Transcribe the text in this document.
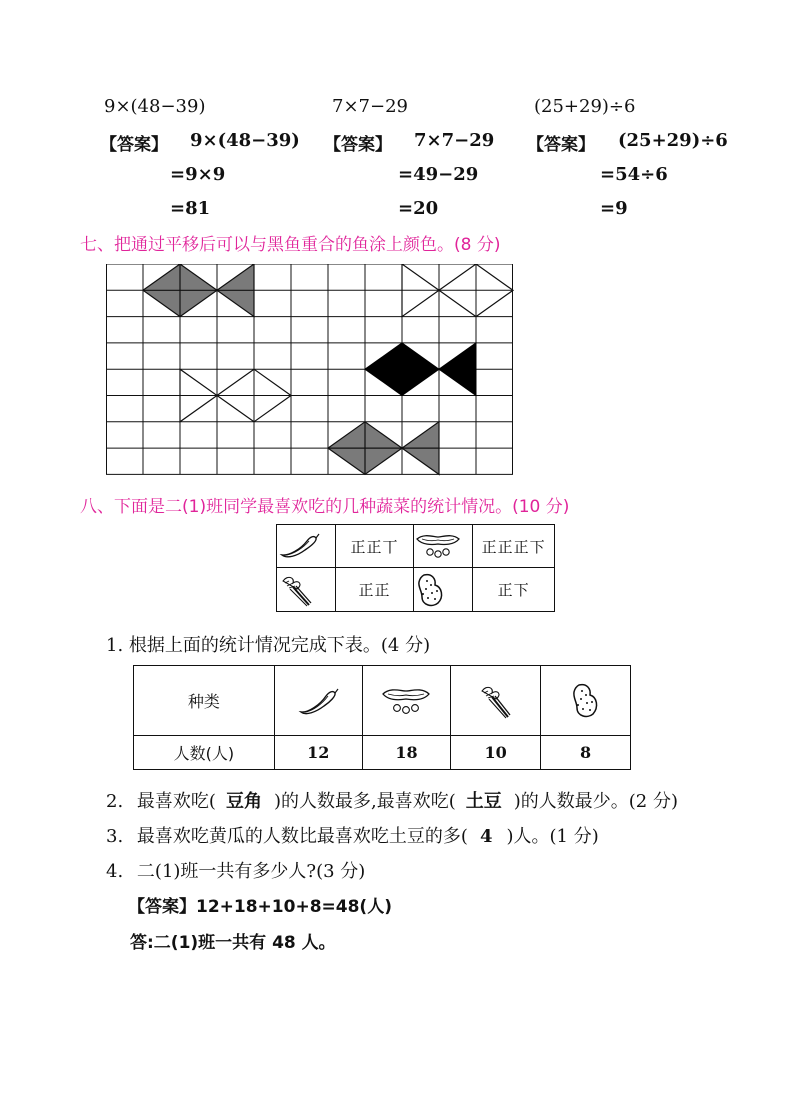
9×(48−39)	7×7−29	(25+29)÷6
【答案】 9×(48−39)
=9×9
=81
【答案】 7×7−29
=49−29
=20
【答案】 (25+29)÷6
=54÷6
=9
七、把通过平移后可以与黑鱼重合的鱼涂上颜色。(8 分)
八、下面是二(1)班同学最喜欢吃的几种蔬菜的统计情况。(10 分)
	正正丅		正正正下

	正正		正下
1. 根据上面的统计情况完成下表。(4 分)
种类	

人数(人)	12	18	10	8
2. 最喜欢吃( 豆角 )的人数最多,最喜欢吃( 土豆 )的人数最少。(2 分)
3. 最喜欢吃黄瓜的人数比最喜欢吃土豆的多( 4 )人。(1 分)
4. 二(1)班一共有多少人?(3 分)
【答案】12+18+10+8=48(人)
答:二(1)班一共有 48 人。
